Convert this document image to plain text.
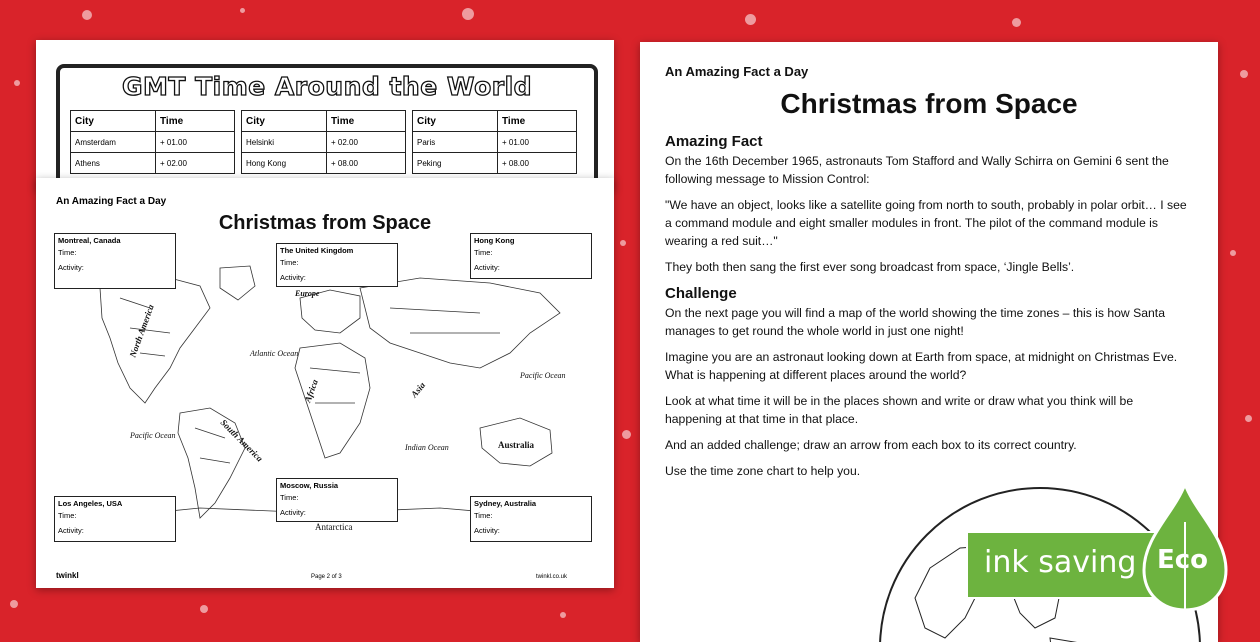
GMT Time Around the World
City	Time
Amsterdam	+ 01.00
Athens	+ 02.00
City	Time
Helsinki	+ 02.00
Hong Kong	+ 08.00
City	Time
Paris	+ 01.00
Peking	+ 08.00
An Amazing Fact a Day
Christmas from Space
Europe
Atlantic Ocean
Africa	Asia
North America
South America
Pacific Ocean
Pacific Ocean
Indian Ocean	Australia
Antarctica
Montreal, Canada
Time:
Activity:
The United Kingdom
Time:
Activity:
Hong Kong
Time:
Activity:
Los Angeles, USA
Time:
Activity:
Moscow, Russia
Time:
Activity:
Sydney, Australia
Time:
Activity:
twinkl	Page 2 of 3	twinkl.co.uk
An Amazing Fact a Day
Christmas from Space
Amazing Fact

On the 16th December 1965, astronauts Tom Stafford and Wally Schirra on Gemini 6 sent the following message to Mission Control:

"We have an object, looks like a satellite going from north to south, probably in polar orbit… I see a command module and eight smaller modules in front. The pilot of the command module is wearing a red suit…"

They both then sang the first ever song broadcast from space, ‘Jingle Bells’.

Challenge

On the next page you will find a map of the world showing the time zones – this is how Santa manages to get round the whole world in just one night!

Imagine you are an astronaut looking down at Earth from space, at midnight on Christmas Eve. What is happening at different places around the world?

Look at what time it will be in the places shown and write or draw what you think will be happening at that time in that place.

And an added challenge; draw an arrow from each box to its correct country.

Use the time zone chart to help you.

ink saving Eco
